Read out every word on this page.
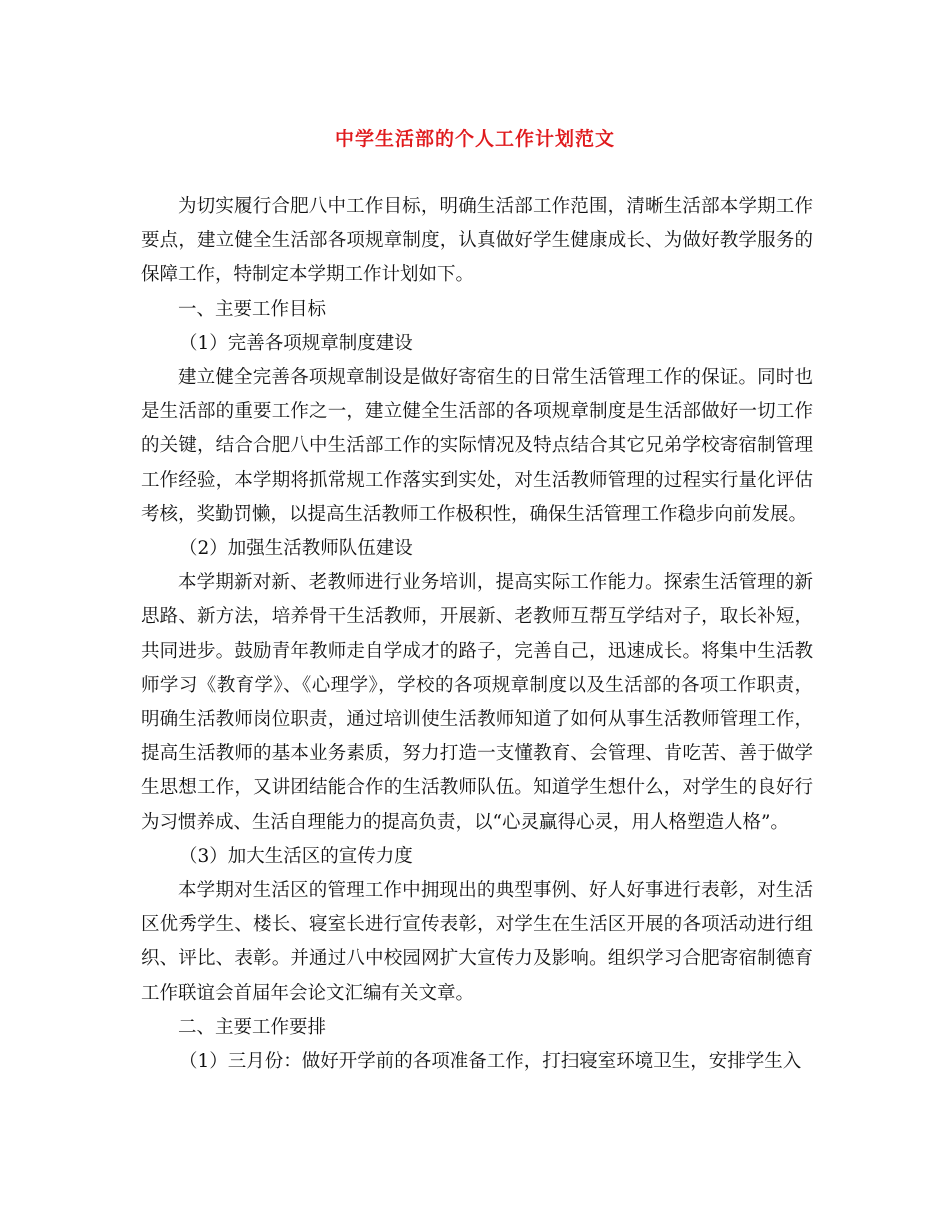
中学生活部的个人工作计划范文

为切实履行合肥八中工作目标，明确生活部工作范围，清晰生活部本学期工作要点，建立健全生活部各项规章制度，认真做好学生健康成长、为做好教学服务的保障工作，特制定本学期工作计划如下。

一、主要工作目标

（1）完善各项规章制度建设

建立健全完善各项规章制设是做好寄宿生的日常生活管理工作的保证。同时也是生活部的重要工作之一，建立健全生活部的各项规章制度是生活部做好一切工作的关键，结合合肥八中生活部工作的实际情况及特点结合其它兄弟学校寄宿制管理工作经验，本学期将抓常规工作落实到实处，对生活教师管理的过程实行量化评估考核，奖勤罚懒，以提高生活教师工作极积性，确保生活管理工作稳步向前发展。

（2）加强生活教师队伍建设

本学期新对新、老教师进行业务培训，提高实际工作能力。探索生活管理的新思路、新方法，培养骨干生活教师，开展新、老教师互帮互学结对子，取长补短，共同进步。鼓励青年教师走自学成才的路子，完善自己，迅速成长。将集中生活教师学习《教育学》、《心理学》，学校的各项规章制度以及生活部的各项工作职责，明确生活教师岗位职责，通过培训使生活教师知道了如何从事生活教师管理工作，提高生活教师的基本业务素质，努力打造一支懂教育、会管理、肯吃苦、善于做学生思想工作，又讲团结能合作的生活教师队伍。知道学生想什么，对学生的良好行为习惯养成、生活自理能力的提高负责，以“心灵赢得心灵，用人格塑造人格”。

（3）加大生活区的宣传力度

本学期对生活区的管理工作中拥现出的典型事例、好人好事进行表彰，对生活区优秀学生、楼长、寝室长进行宣传表彰，对学生在生活区开展的各项活动进行组织、评比、表彰。并通过八中校园网扩大宣传力及影响。组织学习合肥寄宿制德育工作联谊会首届年会论文汇编有关文章。

二、主要工作要排

（1）三月份：做好开学前的各项准备工作，打扫寝室环境卫生，安排学生入
